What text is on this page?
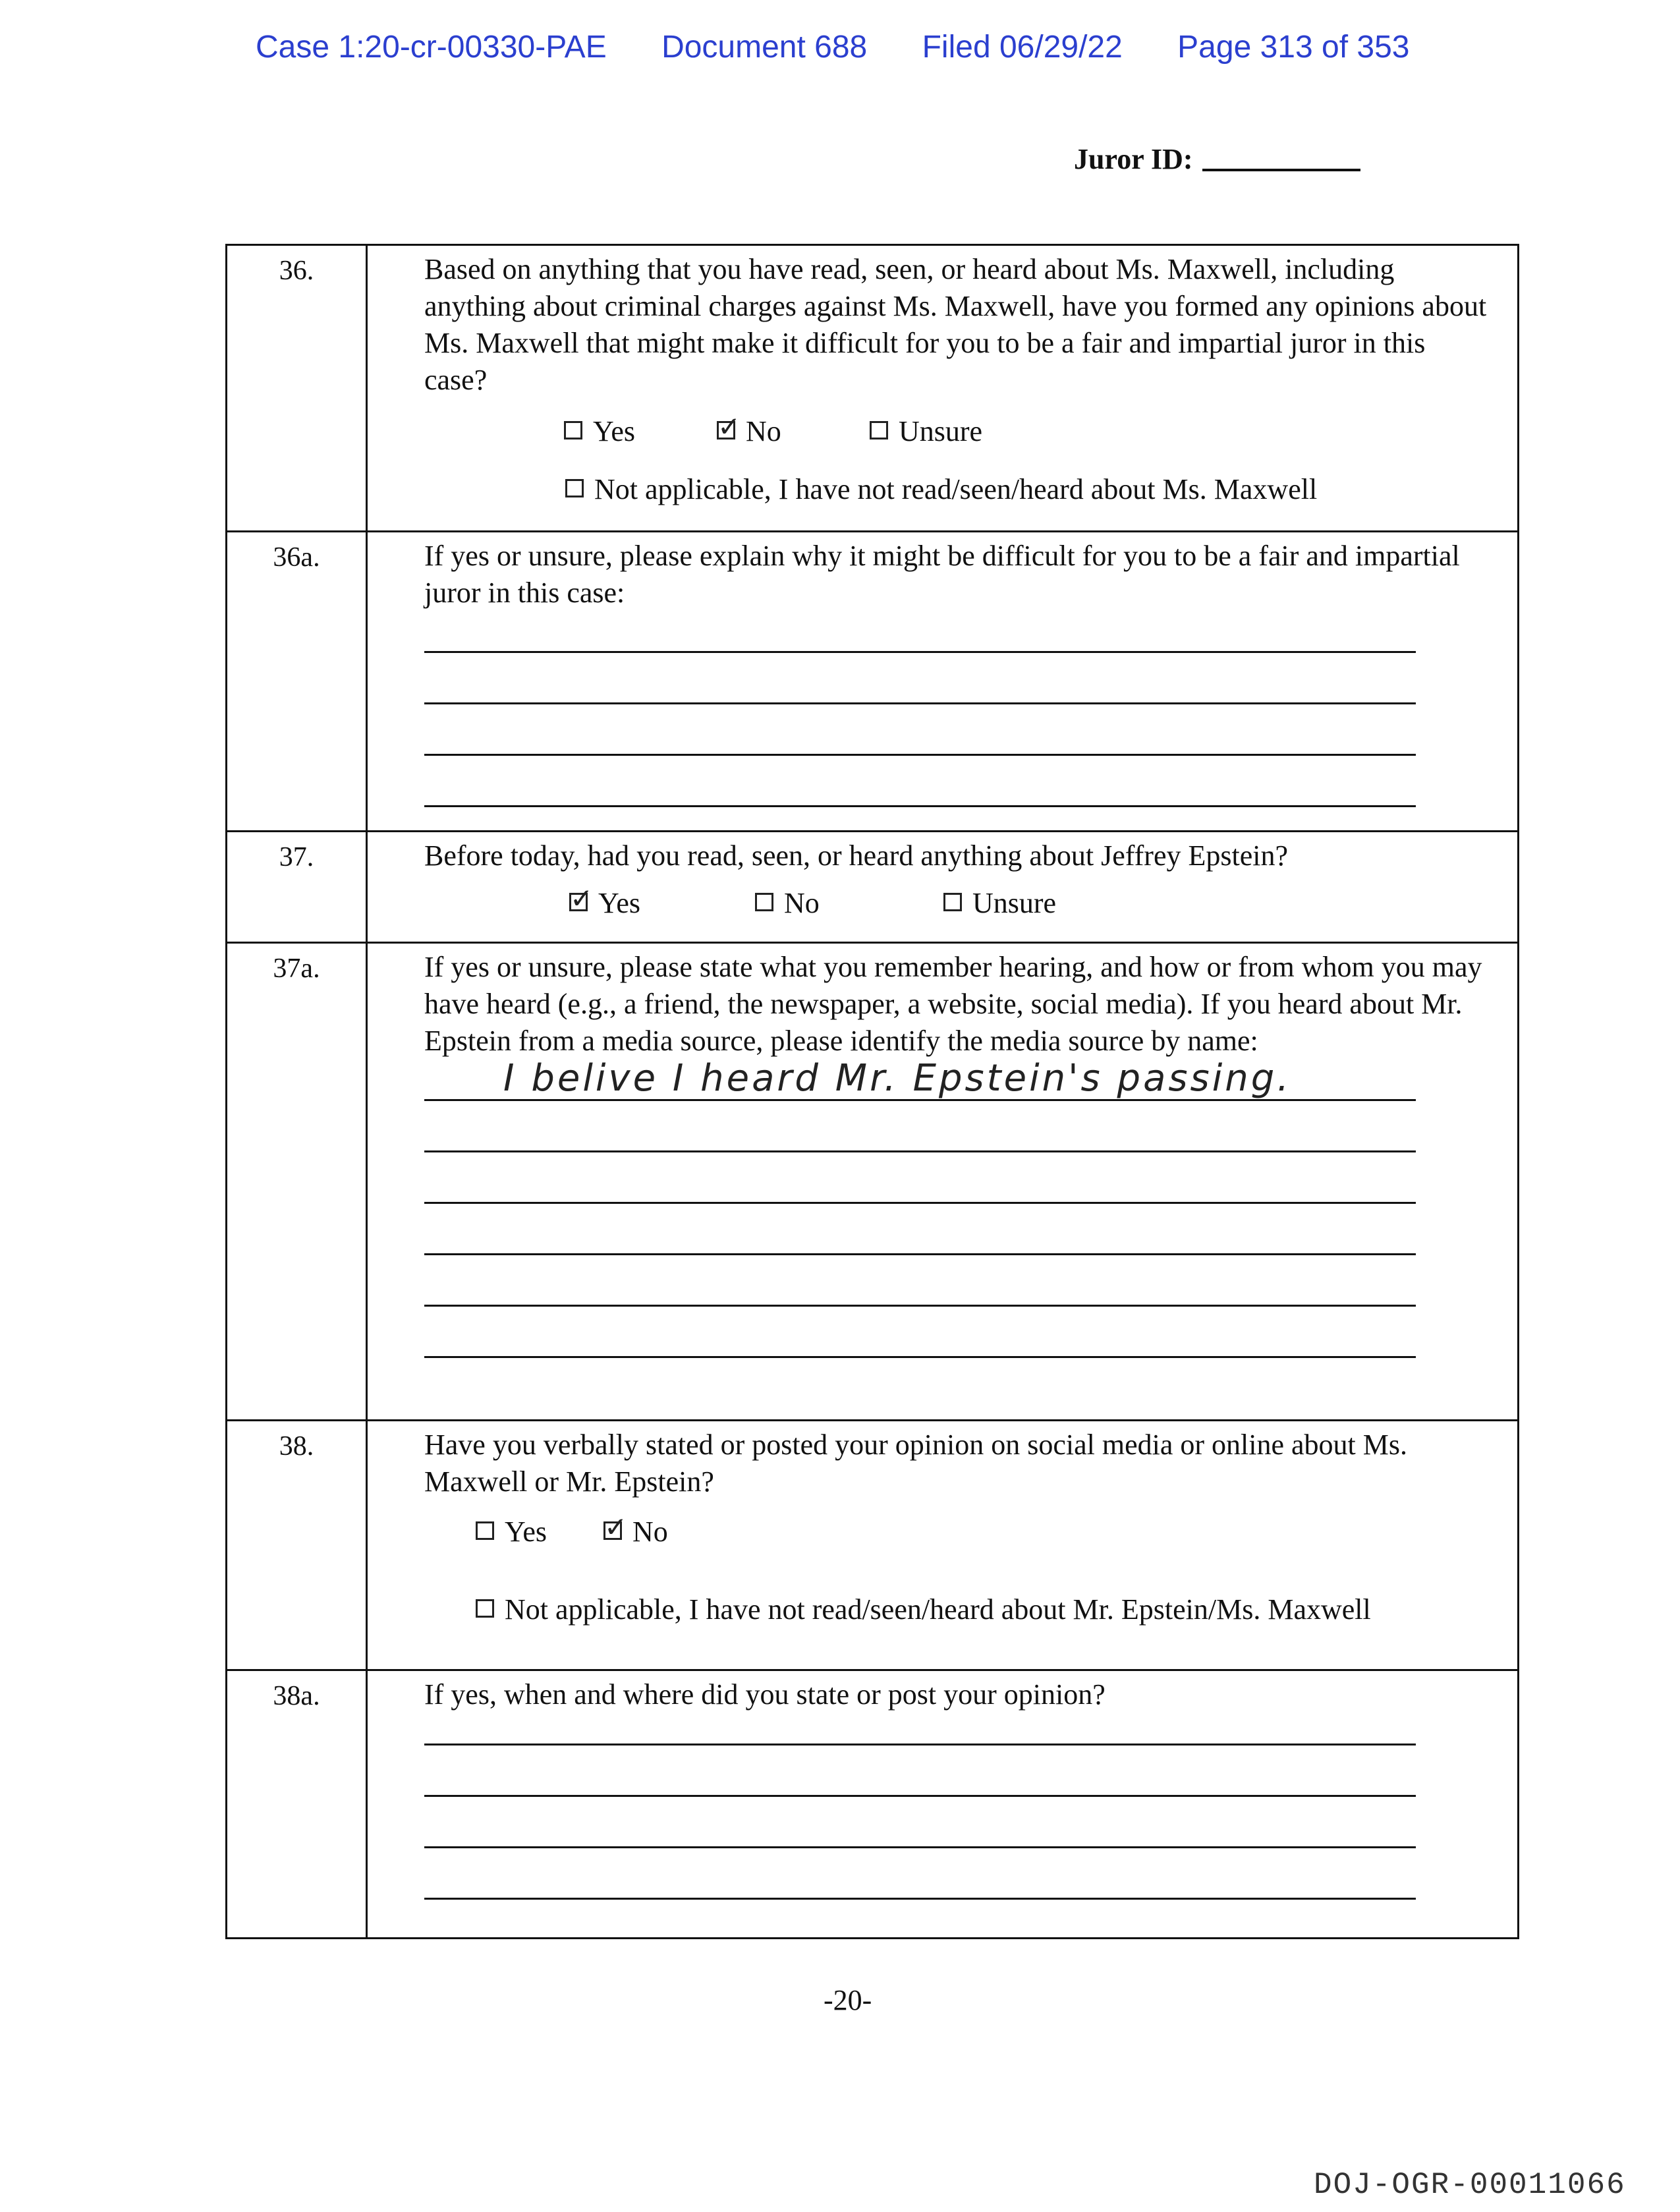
Case 1:20-cr-00330-PAE Document 688 Filed 06/29/22 Page 313 of 353
Juror ID:
36.	Based on anything that you have read, seen, or heard about Ms. Maxwell, including anything about criminal charges against Ms. Maxwell, have you formed any opinions about Ms. Maxwell that might make it difficult for you to be a fair and impartial juror in this case?
Yes ✓	No	Unsure
Not applicable, I have not read/seen/heard about Ms. Maxwell
36a.	If yes or unsure, please explain why it might be difficult for you to be a fair and impartial juror in this case:
37.	Before today, had you read, seen, or heard anything about Jeffrey Epstein?
✓Yes	No	Unsure
37a.	If yes or unsure, please state what you remember hearing, and how or from whom you may have heard (e.g., a friend, the newspaper, a website, social media). If you heard about Mr. Epstein from a media source, please identify the media source by name:
I belive I heard Mr. Epstein's passing.
38.	Have you verbally stated or posted your opinion on social media or online about Ms. Maxwell or Mr. Epstein?
Yes ✓	No
Not applicable, I have not read/seen/heard about Mr. Epstein/Ms. Maxwell
38a.	If yes, when and where did you state or post your opinion?
-20-
DOJ-OGR-00011066
